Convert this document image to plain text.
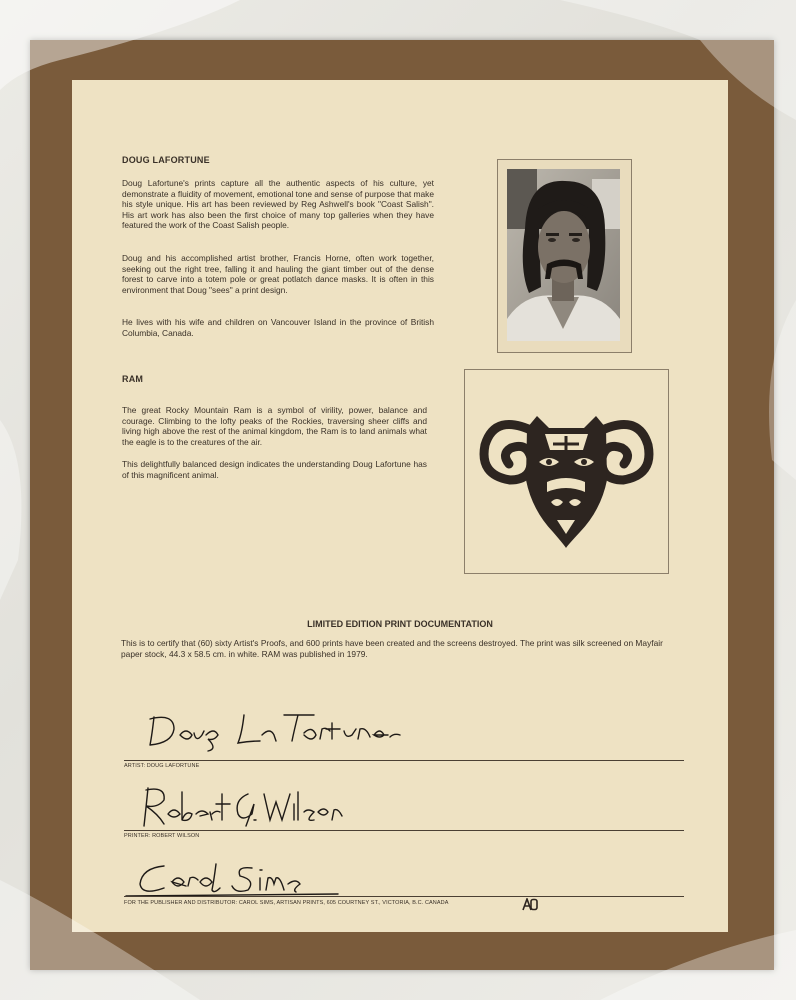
DOUG LAFORTUNE
Doug Lafortune's prints capture all the authentic aspects of his culture, yet demonstrate a fluidity of movement, emotional tone and sense of purpose that make his style unique. His art has been reviewed by Reg Ashwell's book "Coast Salish". His art work has also been the first choice of many top galleries when they have featured the work of the Coast Salish people.
Doug and his accomplished artist brother, Francis Horne, often work together, seeking out the right tree, falling it and hauling the giant timber out of the dense forest to carve into a totem pole or great potlatch dance masks. It is often in this environment that Doug "sees" a print design.
He lives with his wife and children on Vancouver Island in the province of British Columbia, Canada.
RAM
The great Rocky Mountain Ram is a symbol of virility, power, balance and courage. Climbing to the lofty peaks of the Rockies, traversing sheer cliffs and living high above the rest of the animal kingdom, the Ram is to land animals what the eagle is to the creatures of the air.
This delightfully balanced design indicates the understanding Doug Lafortune has of this magnificent animal.
LIMITED EDITION PRINT DOCUMENTATION
This is to certify that (60) sixty Artist's Proofs, and 600 prints have been created and the screens destroyed. The print was silk screened on Mayfair paper stock, 44.3 x 58.5 cm. in white. RAM was published in 1979.
ARTIST: DOUG LAFORTUNE
PRINTER: ROBERT WILSON
FOR THE PUBLISHER AND DISTRIBUTOR: CAROL SIMS, ARTISAN PRINTS, 605 COURTNEY ST., VICTORIA, B.C. CANADA
